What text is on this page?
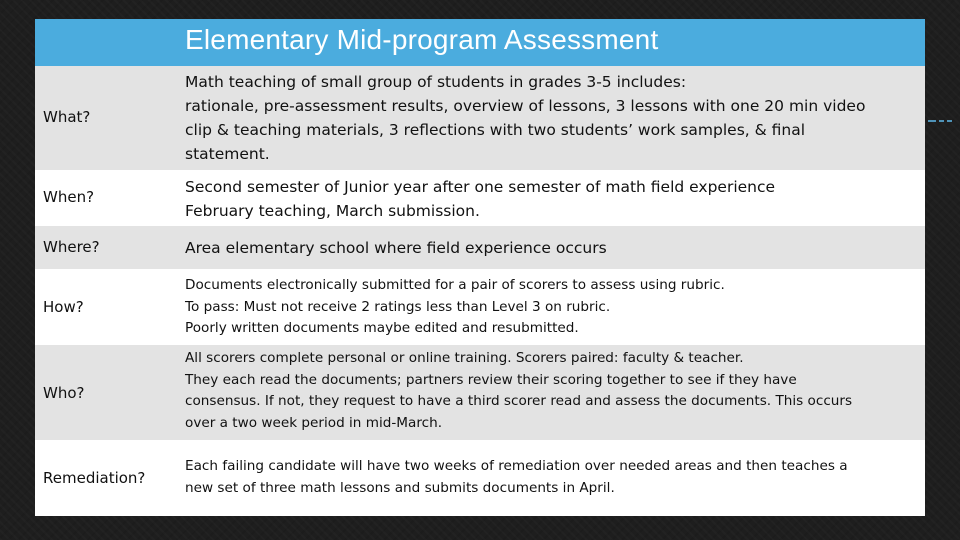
Elementary Mid-program Assessment
What?
Math teaching of small group of students in grades 3-5 includes:
rationale, pre-assessment results, overview of lessons, 3 lessons with one 20 min video
clip & teaching materials, 3 reflections with two students’ work samples, & final
statement.
When?
Second semester of Junior year after one semester of math field experience
February teaching, March submission.
Where?	Area elementary school where field experience occurs
How?
Documents electronically submitted for a pair of scorers to assess using rubric.
To pass: Must not receive 2 ratings less than Level 3 on rubric.
Poorly written documents maybe edited and resubmitted.
Who?
All scorers complete personal or online training. Scorers paired: faculty & teacher.
They each read the documents; partners review their scoring together to see if they have
consensus. If not, they request to have a third scorer read and assess the documents. This occurs
over a two week period in mid-March.
Remediation?
Each failing candidate will have two weeks of remediation over needed areas and then teaches a
new set of three math lessons and submits documents in April.
